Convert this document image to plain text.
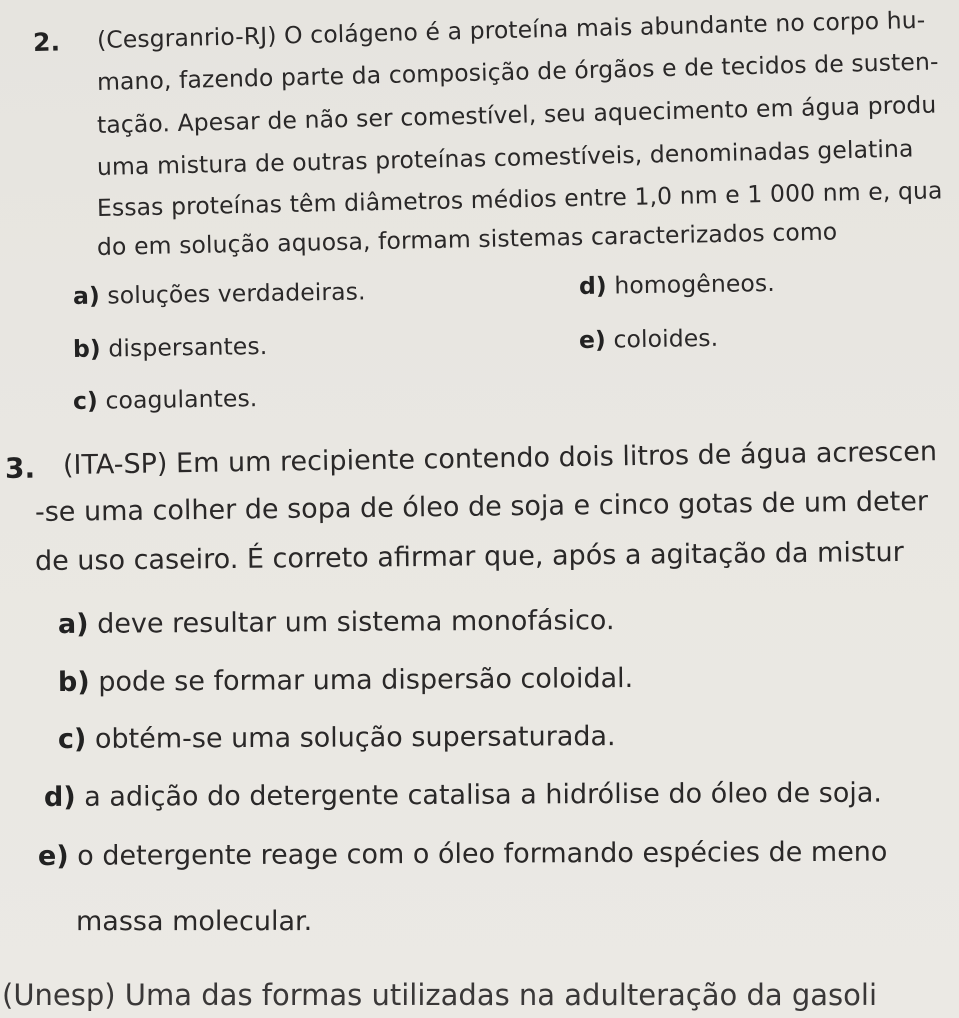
2. (Cesgranrio-RJ) O colágeno é a proteína mais abundante no corpo hu-
mano, fazendo parte da composição de órgãos e de tecidos de susten-
tação. Apesar de não ser comestível, seu aquecimento em água produ
uma mistura de outras proteínas comestíveis, denominadas gelatina
Essas proteínas têm diâmetros médios entre 1,0 nm e 1 000 nm e, qua
do em solução aquosa, formam sistemas caracterizados como
a) soluções verdadeiras.
b) dispersantes.
c) coagulantes.
d) homogêneos.
e) coloides.
3. (ITA-SP) Em um recipiente contendo dois litros de água acrescen
-se uma colher de sopa de óleo de soja e cinco gotas de um deter
de uso caseiro. É correto afirmar que, após a agitação da mistur
a) deve resultar um sistema monofásico.
b) pode se formar uma dispersão coloidal.
c) obtém-se uma solução supersaturada.
d) a adição do detergente catalisa a hidrólise do óleo de soja.
e) o detergente reage com o óleo formando espécies de meno
massa molecular.
(Unesp) Uma das formas utilizadas na adulteração da gasoli
